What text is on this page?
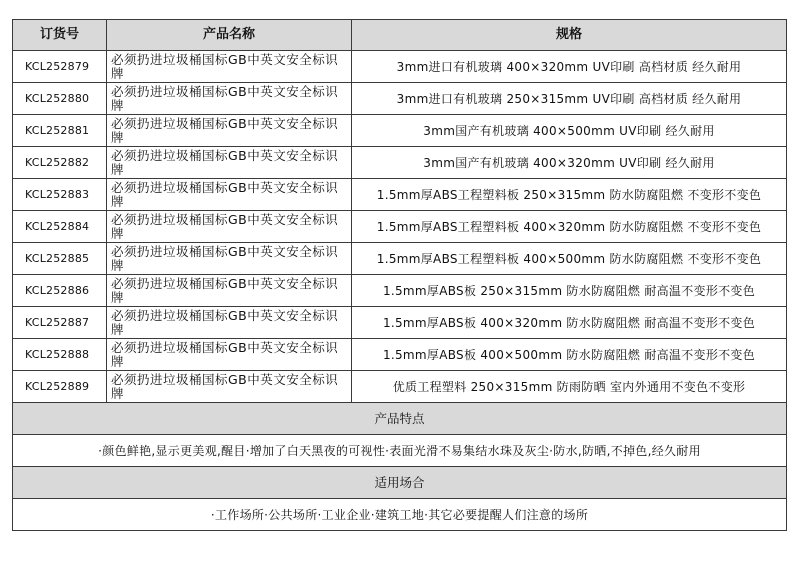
订货号	产品名称	规格
KCL252879	必须扔进垃圾桶国标GB中英文安全标识牌	3mm进口有机玻璃 400×320mm UV印刷 高档材质 经久耐用
KCL252880	必须扔进垃圾桶国标GB中英文安全标识牌	3mm进口有机玻璃 250×315mm UV印刷 高档材质 经久耐用
KCL252881	必须扔进垃圾桶国标GB中英文安全标识牌	3mm国产有机玻璃 400×500mm UV印刷 经久耐用
KCL252882	必须扔进垃圾桶国标GB中英文安全标识牌	3mm国产有机玻璃 400×320mm UV印刷 经久耐用
KCL252883	必须扔进垃圾桶国标GB中英文安全标识牌	1.5mm厚ABS工程塑料板 250×315mm 防水防腐阻燃 不变形不变色
KCL252884	必须扔进垃圾桶国标GB中英文安全标识牌	1.5mm厚ABS工程塑料板 400×320mm 防水防腐阻燃 不变形不变色
KCL252885	必须扔进垃圾桶国标GB中英文安全标识牌	1.5mm厚ABS工程塑料板 400×500mm 防水防腐阻燃 不变形不变色
KCL252886	必须扔进垃圾桶国标GB中英文安全标识牌	1.5mm厚ABS板 250×315mm 防水防腐阻燃 耐高温不变形不变色
KCL252887	必须扔进垃圾桶国标GB中英文安全标识牌	1.5mm厚ABS板 400×320mm 防水防腐阻燃 耐高温不变形不变色
KCL252888	必须扔进垃圾桶国标GB中英文安全标识牌	1.5mm厚ABS板 400×500mm 防水防腐阻燃 耐高温不变形不变色
KCL252889	必须扔进垃圾桶国标GB中英文安全标识牌	优质工程塑料 250×315mm 防雨防晒 室内外通用不变色不变形
产品特点		
·颜色鲜艳,显示更美观,醒目·增加了白天黑夜的可视性·表面光滑不易集结水珠及灰尘·防水,防晒,不掉色,经久耐用		
适用场合		
·工作场所·公共场所·工业企业·建筑工地·其它必要提醒人们注意的场所		
